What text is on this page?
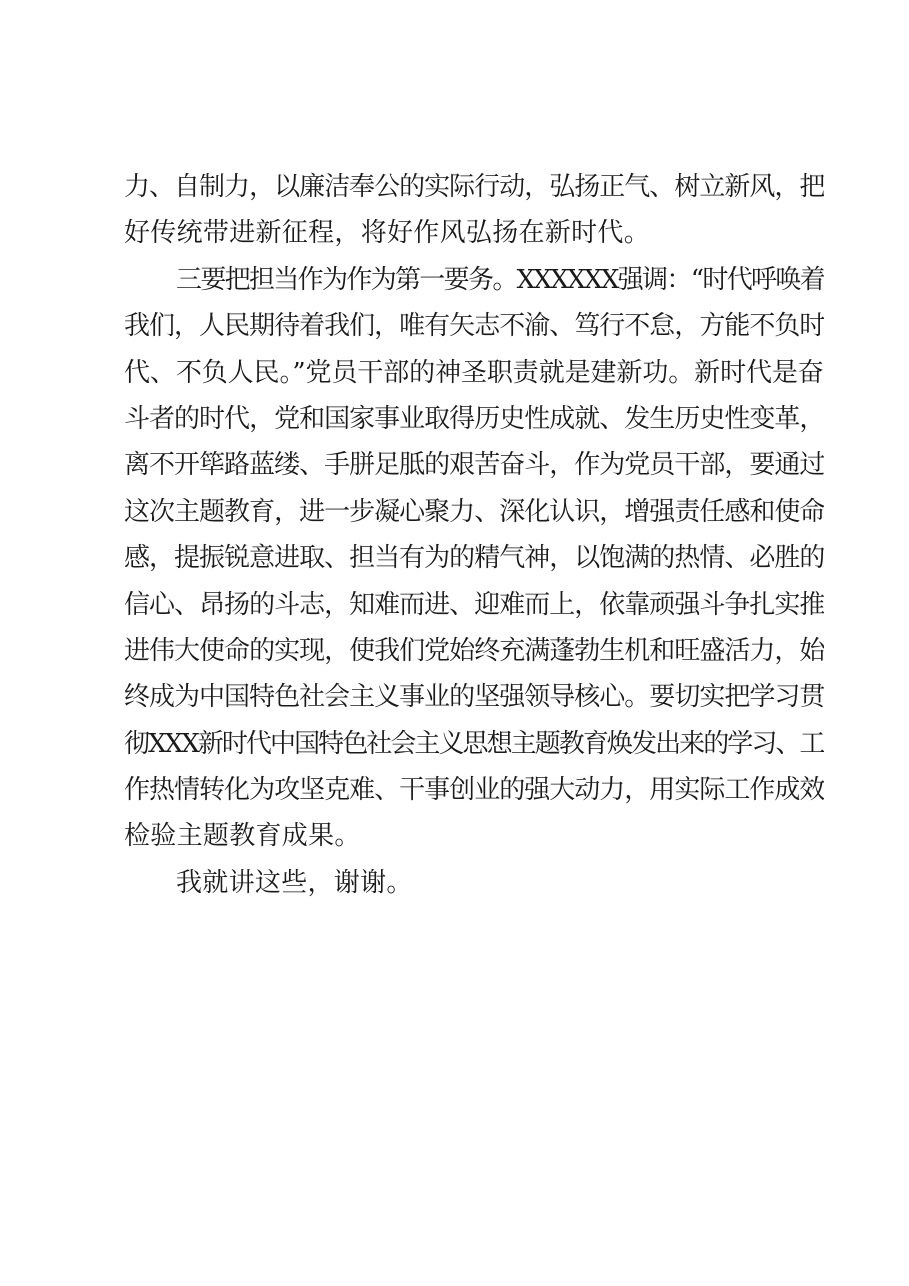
力、自制力，以廉洁奉公的实际行动，弘扬正气、树立新风，把
好传统带进新征程，将好作风弘扬在新时代。
三要把担当作为作为第一要务。XXXXXX强调：“时代呼唤着
我们，人民期待着我们，唯有矢志不渝、笃行不怠，方能不负时
代、不负人民。”党员干部的神圣职责就是建新功。新时代是奋
斗者的时代，党和国家事业取得历史性成就、发生历史性变革，
离不开筚路蓝缕、手胼足胝的艰苦奋斗，作为党员干部，要通过
这次主题教育，进一步凝心聚力、深化认识，增强责任感和使命
感，提振锐意进取、担当有为的精气神，以饱满的热情、必胜的
信心、昂扬的斗志，知难而进、迎难而上，依靠顽强斗争扎实推
进伟大使命的实现，使我们党始终充满蓬勃生机和旺盛活力，始
终成为中国特色社会主义事业的坚强领导核心。要切实把学习贯
彻XXX新时代中国特色社会主义思想主题教育焕发出来的学习、工
作热情转化为攻坚克难、干事创业的强大动力，用实际工作成效
检验主题教育成果。
我就讲这些，谢谢。
